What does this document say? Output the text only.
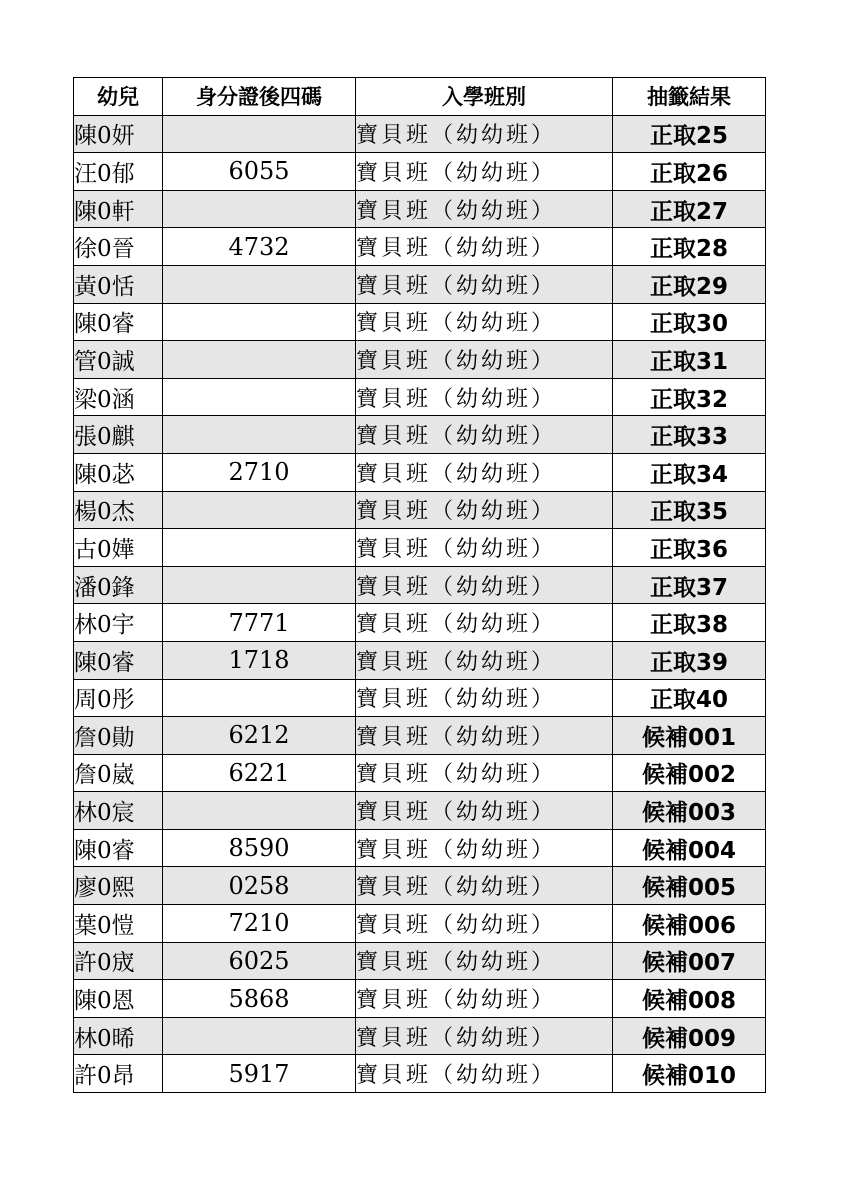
幼兒	身分證後四碼	入學班別	抽籤結果
陳0妍		寶貝班（幼幼班）	正取25
汪0郁	6055	寶貝班（幼幼班）	正取26
陳0軒		寶貝班（幼幼班）	正取27
徐0晉	4732	寶貝班（幼幼班）	正取28
黃0恬		寶貝班（幼幼班）	正取29
陳0睿		寶貝班（幼幼班）	正取30
管0誠		寶貝班（幼幼班）	正取31
梁0涵		寶貝班（幼幼班）	正取32
張0麒		寶貝班（幼幼班）	正取33
陳0苾	2710	寶貝班（幼幼班）	正取34
楊0杰		寶貝班（幼幼班）	正取35
古0嬅		寶貝班（幼幼班）	正取36
潘0鋒		寶貝班（幼幼班）	正取37
林0宇	7771	寶貝班（幼幼班）	正取38
陳0睿	1718	寶貝班（幼幼班）	正取39
周0彤		寶貝班（幼幼班）	正取40
詹0勛	6212	寶貝班（幼幼班）	候補001
詹0崴	6221	寶貝班（幼幼班）	候補002
林0宸		寶貝班（幼幼班）	候補003
陳0睿	8590	寶貝班（幼幼班）	候補004
廖0熙	0258	寶貝班（幼幼班）	候補005
葉0愷	7210	寶貝班（幼幼班）	候補006
許0宬	6025	寶貝班（幼幼班）	候補007
陳0恩	5868	寶貝班（幼幼班）	候補008
林0晞		寶貝班（幼幼班）	候補009
許0昂	5917	寶貝班（幼幼班）	候補010
